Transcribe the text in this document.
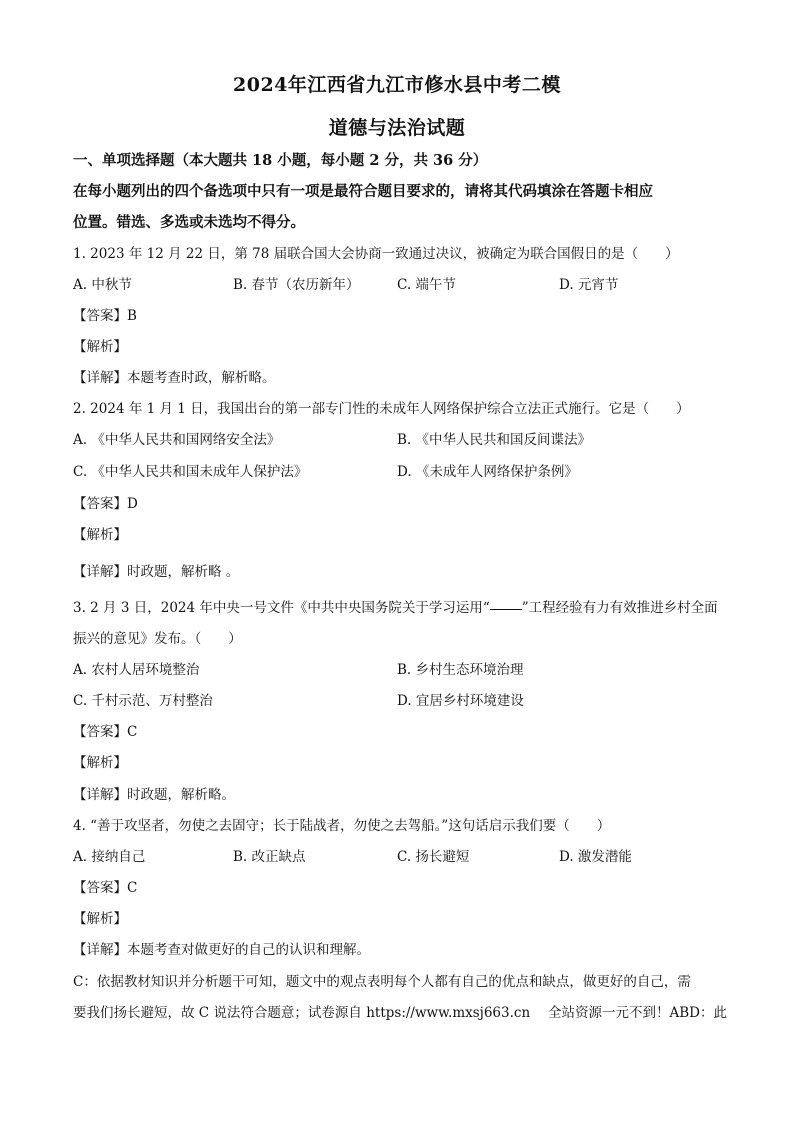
2024年江西省九江市修水县中考二模
道德与法治试题
一、单项选择题（本大题共 18 小题，每小题 2 分，共 36 分）
在每小题列出的四个备选项中只有一项是最符合题目要求的，请将其代码填涂在答题卡相应
位置。错选、多选或未选均不得分。
1. 2023 年 12 月 22 日，第 78 届联合国大会协商一致通过决议，被确定为联合国假日的是（　　）
A. 中秋节	B. 春节（农历新年）	C. 端午节	D. 元宵节
【答案】B
【解析】
【详解】本题考查时政，解析略。
2. 2024 年 1 月 1 日，我国出台的第一部专门性的未成年人网络保护综合立法正式施行。它是（　　）
A. 《中华人民共和国网络安全法》	B. 《中华人民共和国反间谍法》
C. 《中华人民共和国未成年人保护法》	D. 《未成年人网络保护条例》
【答案】D
【解析】
【详解】时政题，解析略 。
3. 2 月 3 日，2024 年中央一号文件《中共中央国务院关于学习运用“ ”工程经验有力有效推进乡村全面
振兴的意见》发布。（　　）
A. 农村人居环境整治	B. 乡村生态环境治理
C. 千村示范、万村整治	D. 宜居乡村环境建设
【答案】C
【解析】
【详解】时政题，解析略。
4. “善于攻坚者，勿使之去固守；长于陆战者，勿使之去驾船。”这句话启示我们要（　　）
A. 接纳自己	B. 改正缺点	C. 扬长避短	D. 激发潜能
【答案】C
【解析】
【详解】本题考查对做更好的自己的认识和理解。
C：依据教材知识并分析题干可知，题文中的观点表明每个人都有自己的优点和缺点，做更好的自己，需
要我们扬长避短，故 C 说法符合题意；试卷源自 https://www.mxsj663.cn　 全站资源一元不到！ABD：此
